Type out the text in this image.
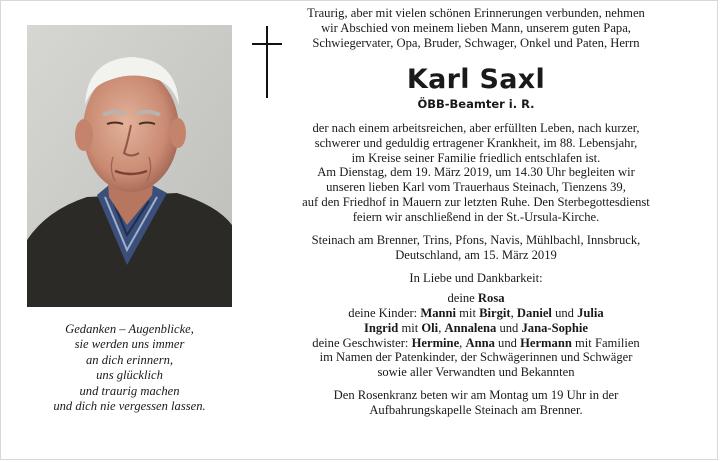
Gedanken – Augenblicke,
sie werden uns immer
an dich erinnern,
uns glücklich
und traurig machen
und dich nie vergessen lassen.
Traurig, aber mit vielen schönen Erinnerungen verbunden, nehmen
wir Abschied von meinem lieben Mann, unserem guten Papa,
Schwiegervater, Opa, Bruder, Schwager, Onkel und Paten, Herrn
Karl Saxl
ÖBB-Beamter i. R.
der nach einem arbeitsreichen, aber erfüllten Leben, nach kurzer,
schwerer und geduldig ertragener Krankheit, im 88. Lebensjahr,
im Kreise seiner Familie friedlich entschlafen ist.
Am Dienstag, dem 19. März 2019, um 14.30 Uhr begleiten wir
unseren lieben Karl vom Trauerhaus Steinach, Tienzens 39,
auf den Friedhof in Mauern zur letzten Ruhe. Den Sterbegottesdienst
feiern wir anschließend in der St.-Ursula-Kirche.
Steinach am Brenner, Trins, Pfons, Navis, Mühlbachl, Innsbruck,
Deutschland, am 15. März 2019
In Liebe und Dankbarkeit:
deine Rosa
deine Kinder: Manni mit Birgit, Daniel und Julia
Ingrid mit Oli, Annalena und Jana-Sophie
deine Geschwister: Hermine, Anna und Hermann mit Familien
im Namen der Patenkinder, der Schwägerinnen und Schwäger
sowie aller Verwandten und Bekannten
Den Rosenkranz beten wir am Montag um 19 Uhr in der
Aufbahrungskapelle Steinach am Brenner.
